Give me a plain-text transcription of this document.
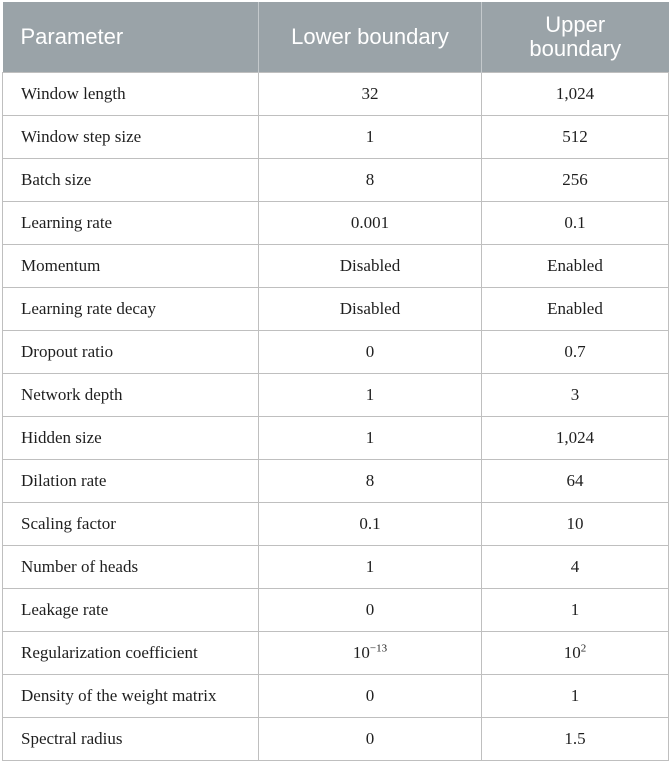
Parameter	Lower boundary	Upper boundary
Window length	32	1,024
Window step size	1	512
Batch size	8	256
Learning rate	0.001	0.1
Momentum	Disabled	Enabled
Learning rate decay	Disabled	Enabled
Dropout ratio	0	0.7
Network depth	1	3
Hidden size	1	1,024
Dilation rate	8	64
Scaling factor	0.1	10
Number of heads	1	4
Leakage rate	0	1
Regularization coefficient	$10^{-13}$	$10^2$
Density of the weight matrix	0	1
Spectral radius	0	1.5
